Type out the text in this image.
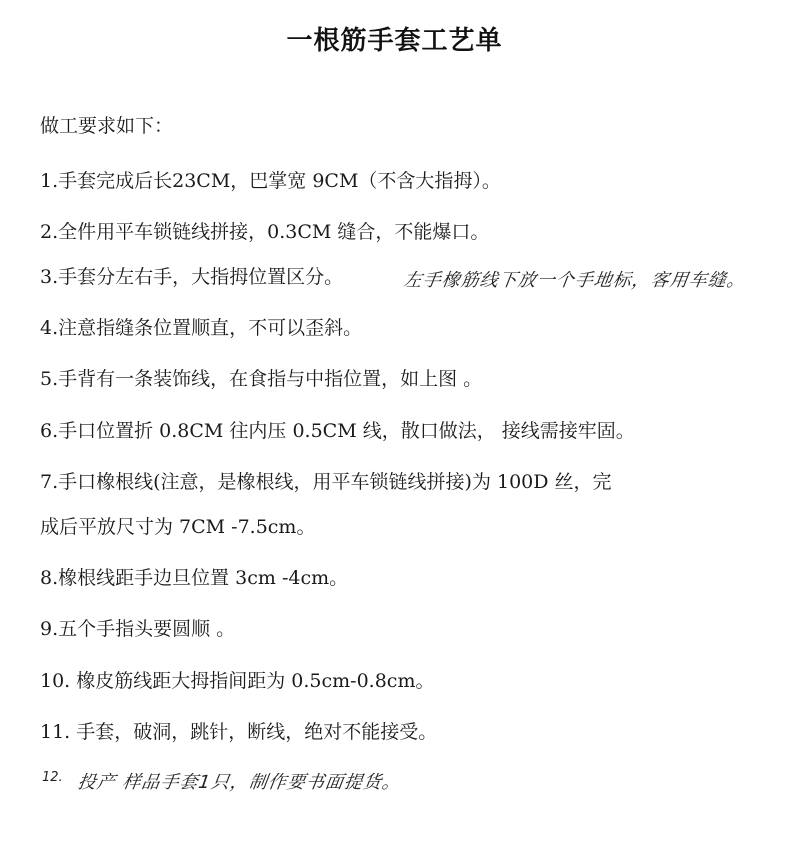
一根筋手套工艺单
做工要求如下：
1.手套完成后长23CM，巴掌宽 9CM（不含大指拇）。
2.全件用平车锁链线拼接，0.3CM 缝合，不能爆口。
3.手套分左右手，大指拇位置区分。	左手橡筋线下放一个手地标，客用车缝。
4.注意指缝条位置顺直，不可以歪斜。
5.手背有一条装饰线，在食指与中指位置，如上图 。
6.手口位置折 0.8CM 往内压 0.5CM 线，散口做法， 接线需接牢固。
7.手口橡根线(注意，是橡根线，用平车锁链线拼接)为 100D 丝，完
成后平放尺寸为 7CM -7.5cm。
8.橡根线距手边旦位置 3cm -4cm。
9.五个手指头要圆顺 。
10. 橡皮筋线距大拇指间距为 0.5cm-0.8cm。
11. 手套，破洞，跳针，断线，绝对不能接受。
12. 投产 样品手套1只，制作要书面提货。
